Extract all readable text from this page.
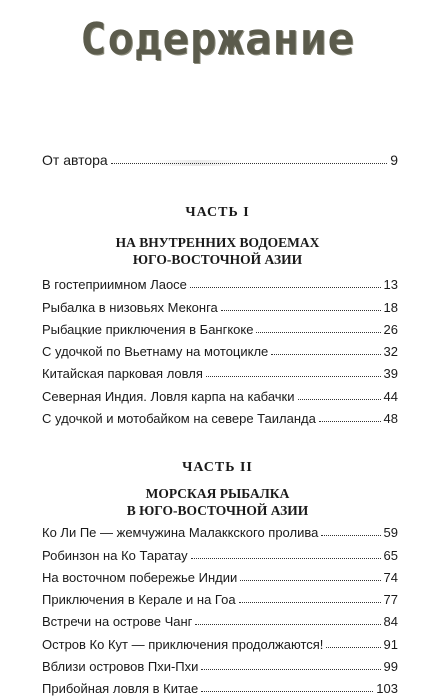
Содержание
От автора	9
ЧАСТЬ I
НА ВНУТРЕННИХ ВОДОЕМАХ
ЮГО-ВОСТОЧНОЙ АЗИИ
В гостеприимном Лаосе	13
Рыбалка в низовьях Меконга	18
Рыбацкие приключения в Бангкоке	26
С удочкой по Вьетнаму на мотоцикле	32
Китайская парковая ловля	39
Северная Индия. Ловля карпа на кабачки	44
С удочкой и мотобайком на севере Таиланда	48
ЧАСТЬ II
МОРСКАЯ РЫБАЛКА
В ЮГО-ВОСТОЧНОЙ АЗИИ
Ко Ли Пе — жемчужина Малаккского пролива	59
Робинзон на Ко Таратау	65
На восточном побережье Индии	74
Приключения в Керале и на Гоа	77
Встречи на острове Чанг	84
Остров Ко Кут — приключения продолжаются!	91
Вблизи островов Пхи-Пхи	99
Прибойная ловля в Китае	103
